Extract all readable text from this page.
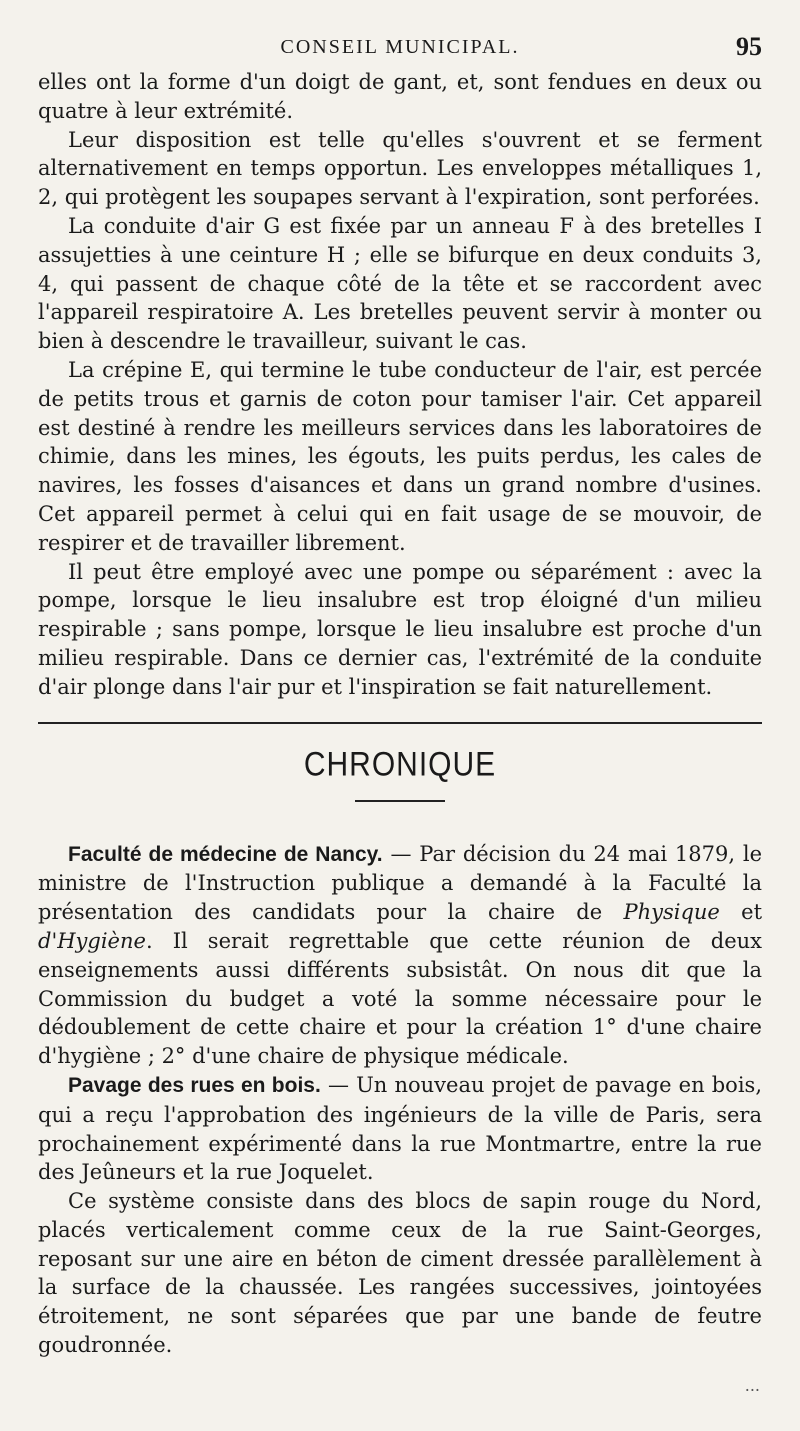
CONSEIL MUNICIPAL.	95

elles ont la forme d'un doigt de gant, et, sont fendues en deux ou quatre à leur extrémité.

Leur disposition est telle qu'elles s'ouvrent et se ferment alternativement en temps opportun. Les enveloppes métalliques 1, 2, qui protègent les soupapes servant à l'expiration, sont perforées.

La conduite d'air G est fixée par un anneau F à des bretelles I assujetties à une ceinture H ; elle se bifurque en deux conduits 3, 4, qui passent de chaque côté de la tête et se raccordent avec l'appareil respiratoire A. Les bretelles peuvent servir à monter ou bien à descendre le travailleur, suivant le cas.

La crépine E, qui termine le tube conducteur de l'air, est percée de petits trous et garnis de coton pour tamiser l'air. Cet appareil est destiné à rendre les meilleurs services dans les laboratoires de chimie, dans les mines, les égouts, les puits perdus, les cales de navires, les fosses d'aisances et dans un grand nombre d'usines. Cet appareil permet à celui qui en fait usage de se mouvoir, de respirer et de travailler librement.

Il peut être employé avec une pompe ou séparément : avec la pompe, lorsque le lieu insalubre est trop éloigné d'un milieu respirable ; sans pompe, lorsque le lieu insalubre est proche d'un milieu respirable. Dans ce dernier cas, l'extrémité de la conduite d'air plonge dans l'air pur et l'inspiration se fait naturellement.

CHRONIQUE

Faculté de médecine de Nancy. — Par décision du 24 mai 1879, le ministre de l'Instruction publique a demandé à la Faculté la présentation des candidats pour la chaire de Physique et d'Hygiène. Il serait regrettable que cette réunion de deux enseignements aussi différents subsistât. On nous dit que la Commission du budget a voté la somme nécessaire pour le dédoublement de cette chaire et pour la création 1° d'une chaire d'hygiène ; 2° d'une chaire de physique médicale.

Pavage des rues en bois. — Un nouveau projet de pavage en bois, qui a reçu l'approbation des ingénieurs de la ville de Paris, sera prochainement expérimenté dans la rue Montmartre, entre la rue des Jeûneurs et la rue Joquelet.

Ce système consiste dans des blocs de sapin rouge du Nord, placés verticalement comme ceux de la rue Saint-Georges, reposant sur une aire en béton de ciment dressée parallèlement à la surface de la chaussée. Les rangées successives, jointoyées étroitement, ne sont séparées que par une bande de feutre goudronnée.

...
